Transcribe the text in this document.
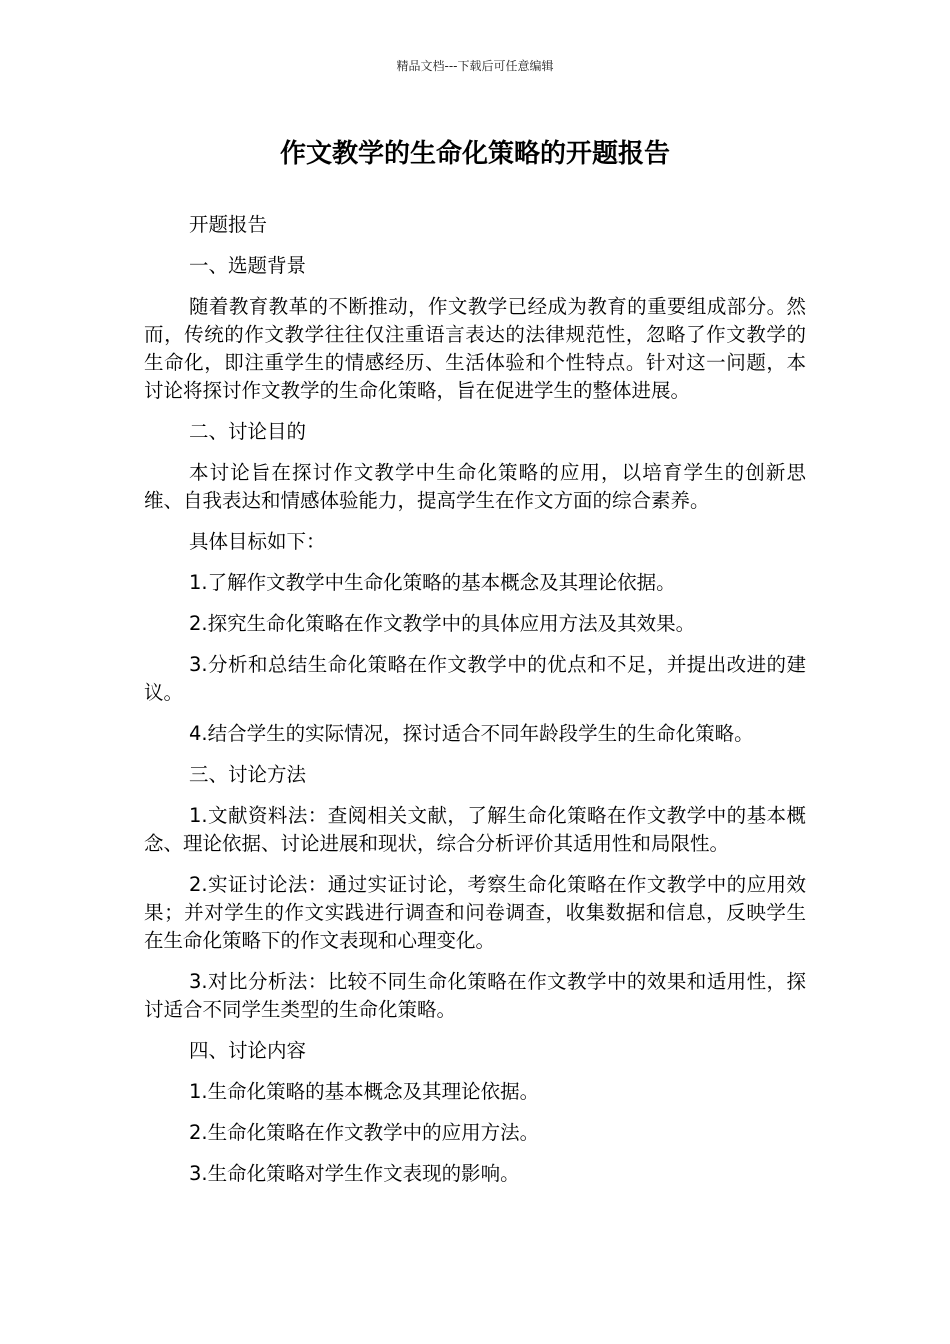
精品文档---下载后可任意编辑
作文教学的生命化策略的开题报告

开题报告

一、选题背景

随着教育教革的不断推动，作文教学已经成为教育的重要组成部分。然而，传统的作文教学往往仅注重语言表达的法律规范性，忽略了作文教学的生命化，即注重学生的情感经历、生活体验和个性特点。针对这一问题，本讨论将探讨作文教学的生命化策略，旨在促进学生的整体进展。

二、讨论目的

本讨论旨在探讨作文教学中生命化策略的应用，以培育学生的创新思维、自我表达和情感体验能力，提高学生在作文方面的综合素养。

具体目标如下：

1.了解作文教学中生命化策略的基本概念及其理论依据。

2.探究生命化策略在作文教学中的具体应用方法及其效果。

3.分析和总结生命化策略在作文教学中的优点和不足，并提出改进的建议。

4.结合学生的实际情况，探讨适合不同年龄段学生的生命化策略。

三、讨论方法

1.文献资料法：查阅相关文献，了解生命化策略在作文教学中的基本概念、理论依据、讨论进展和现状，综合分析评价其适用性和局限性。

2.实证讨论法：通过实证讨论，考察生命化策略在作文教学中的应用效果；并对学生的作文实践进行调查和问卷调查，收集数据和信息，反映学生在生命化策略下的作文表现和心理变化。

3.对比分析法：比较不同生命化策略在作文教学中的效果和适用性，探讨适合不同学生类型的生命化策略。

四、讨论内容

1.生命化策略的基本概念及其理论依据。

2.生命化策略在作文教学中的应用方法。

3.生命化策略对学生作文表现的影响。
